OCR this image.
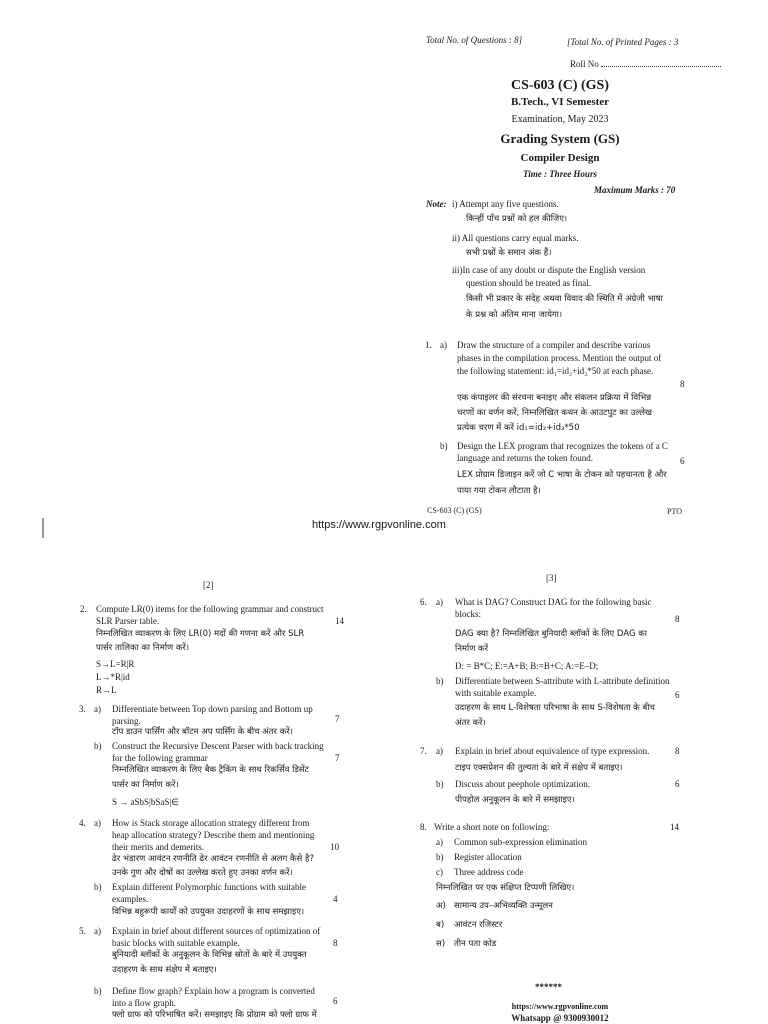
Total No. of Questions : 8]	[Total No. of Printed Pages : 3
Roll No
CS-603 (C) (GS)
B.Tech., VI Semester
Examination, May 2023
Grading System (GS)
Compiler Design
Time : Three Hours
Maximum Marks : 70
Note: i) Attempt any five questions.
किन्हीं पाँच प्रश्नों को हल कीजिए।
ii) All questions carry equal marks.
सभी प्रश्नों के समान अंक हैं।
iii)In case of any doubt or dispute the English version
question should be treated as final.
किसी भी प्रकार के संदेह अथवा विवाद की स्थिति में अंग्रेजी भाषा
के प्रश्न को अंतिम माना जायेगा।
1. a) Draw the structure of a compiler and describe various
phases in the compilation process. Mention the output of
the following statement: id₁=id₂+id₃*50 at each phase.
8
एक कंपाइलर की संरचना बनाइए और संकलन प्रक्रिया में विभिन्न
चरणों का वर्णन करें, निम्नलिखित कथन के आउटपुट का उल्लेख
प्रत्येक चरण में करें id₁=id₂+id₃*50
b) Design the LEX program that recognizes the tokens of a C
language and returns the token found.	6
LEX प्रोग्राम डिजाइन करें जो C भाषा के टोकन को पहचानता है और
पाया गया टोकन लौटाता है।
CS-603 (C) (GS)	PTO
https://www.rgpvonline.com
[2]
2. Compute LR(0) items for the following grammar and construct
SLR Parser table.	14
निम्नलिखित व्याकरण के लिए LR(0) मदों की गणना करें और SLR
पार्सर तालिका का निर्माण करें।
S→L=R|R
L→*R|id
R→L
3. a) Differentiate between Top down parsing and Bottom up
parsing.	7
टॉप डाउन पार्सिंग और बॉटम अप पार्सिंग के बीच अंतर करें।
b) Construct the Recursive Descent Parser with back tracking
for the following grammar	7
निम्नलिखित व्याकरण के लिए बैक ट्रैकिंग के साथ रिकर्सिव डिसेंट
पार्सर का निर्माण करें।
S → aSbS|bSaS|∈
4. a) How is Stack storage allocation strategy different from
heap allocation strategy? Describe them and mentioning
their merits and demerits.	10
ढेर भंडारण आवंटन रणनीति ढेर आवंटन रणनीति से अलग कैसे है?
उनके गुण और दोषों का उल्लेख करते हुए उनका वर्णन करें।
b) Explain different Polymorphic functions with suitable
examples.	4
विभिन्न बहुरूपी कार्यों को उपयुक्त उदाहरणों के साथ समझाइए।
5. a) Explain in brief about different sources of optimization of
basic blocks with suitable example.	8
बुनियादी ब्लॉकों के अनुकूलन के विभिन्न स्रोतों के बारे में उपयुक्त
उदाहरण के साथ संक्षेप में बताइए।
b) Define flow graph? Explain how a program is converted
into a flow graph.	6
फ्लो ग्राफ को परिभाषित करें। समझाइए कि प्रोग्राम को फ्लो ग्राफ में
[3]
6. a) What is DAG? Construct DAG for the following basic
blocks:	8
DAG क्या है? निम्नलिखित बुनियादी ब्लॉकों के लिए DAG का
निर्माण करें
D: = B*C; E:=A+B; B:=B+C; A:=E–D;
b) Differentiate between S-attribute with L-attribute definition
with suitable example.	6
उदाहरण के साथ L-विशेषता परिभाषा के साथ S-विशेषता के बीच
अंतर करें।
7. a) Explain in brief about equivalence of type expression.	8
टाइप एक्सप्रेशन की तुल्यता के बारे में संक्षेप में बताइए।
b) Discuss about peephole optimization.	6
पीपहोल अनुकूलन के बारे में समझाइए।
8. Write a short note on following:	14
a) Common sub-expression elimination
b) Register allocation
c) Three address code
निम्नलिखित पर एक संक्षिप्त टिप्पणी लिखिए।
अ) सामान्य उप–अभिव्यक्ति उन्मूलन
ब) आवंटन रजिस्टर
स) तीन पता कोड
******
https://www.rgpvonline.com
Whatsapp @ 9300930012
